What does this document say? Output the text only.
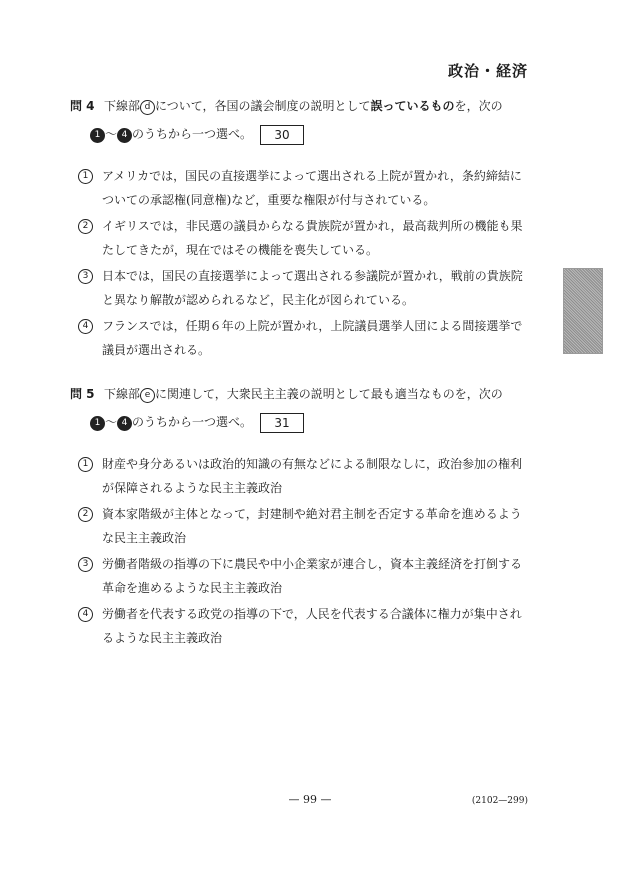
政治・経済
問 4 下線部 d について，各国の議会制度の説明として誤っているものを，次の
1 ～ 4 のうちから一つ選べ。 30
1	アメリカでは，国民の直接選挙によって選出される上院が置かれ，条約締結についての承認権(同意権)など，重要な権限が付与されている。
2	イギリスでは，非民選の議員からなる貴族院が置かれ，最高裁判所の機能も果たしてきたが，現在ではその機能を喪失している。
3	日本では，国民の直接選挙によって選出される参議院が置かれ，戦前の貴族院と異なり解散が認められるなど，民主化が図られている。
4	フランスでは，任期６年の上院が置かれ，上院議員選挙人団による間接選挙で議員が選出される。
問 5 下線部 e に関連して，大衆民主主義の説明として最も適当なものを，次の
1 ～ 4 のうちから一つ選べ。 31
1	財産や身分あるいは政治的知識の有無などによる制限なしに，政治参加の権利が保障されるような民主主義政治
2	資本家階級が主体となって，封建制や絶対君主制を否定する革命を進めるような民主主義政治
3	労働者階級の指導の下に農民や中小企業家が連合し，資本主義経済を打倒する革命を進めるような民主主義政治
4	労働者を代表する政党の指導の下で，人民を代表する合議体に権力が集中されるような民主主義政治
— 99 —	(2102—299)
